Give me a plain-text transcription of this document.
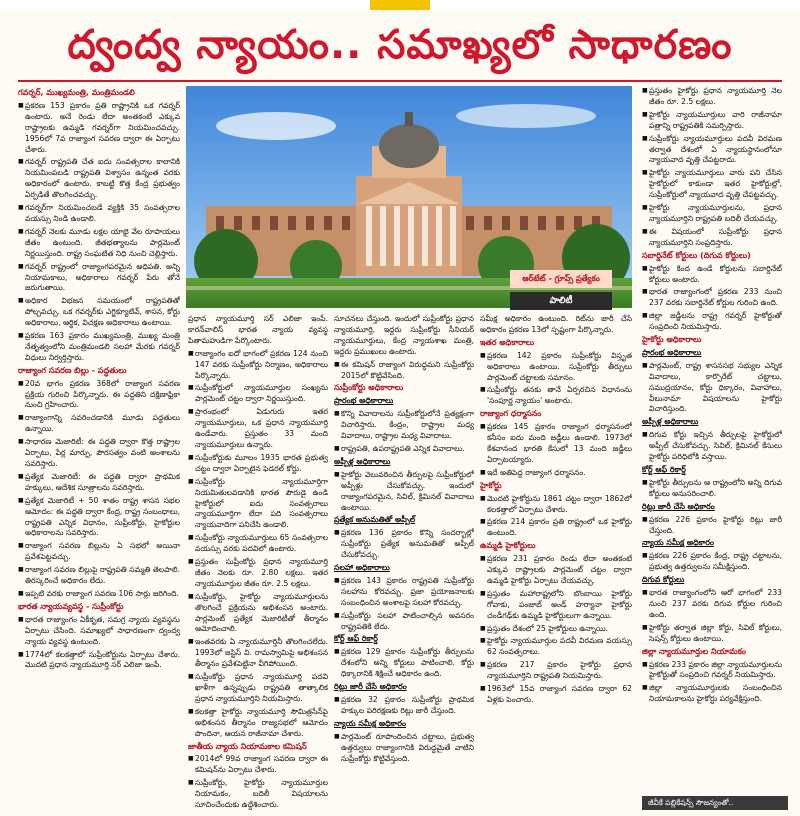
ద్వంద్వ న్యాయం.. సమాఖ్యలో సాధారణం
ఆర్‌టేట్ - గ్రూప్స్ ప్రత్యేకం
పాలిటీ
గవర్నర్, ముఖ్యమంత్రి, మంత్రిమండలి

■ ప్రకరణ 153 ప్రకారం ప్రతి రాష్ట్రానికి ఒక గవర్నర్ ఉంటారు. అనే రెండు లేదా అంతకంటే ఎక్కువ రాష్ట్రాలకు ఉమ్మడి గవర్నర్‌గా నియమించవచ్చు. 1956లో 7వ రాజ్యాంగ సవరణ ద్వారా ఈ ఏర్పాటు చేశారు.

■ గవర్నర్ రాష్ట్రపతి చేత ఐదు సంవత్సరాల కాలానికి నియమింపబడి రాష్ట్రపతి విశ్వాసం ఉన్నంత వరకు అధికారంలో ఉంటారు. కాబట్టి కొత్త కేంద్ర ప్రభుత్వం ఏర్పడితే తొలగించవచ్చు.

■ గవర్నర్‌గా నియమించబడే వ్యక్తికి 35 సంవత్సరాల వయస్సు నిండి ఉండాలి.

■ గవర్నర్ నెలకు మూడు లక్షల యాభై వేల రూపాయలు జీతం ఉంటుంది. జీతభత్యాలను పార్లమెంట్ నిర్ణయిస్తుంది. రాష్ట్ర సంఘటిత నిధి నుంచి చెల్లిస్తారు.

■ గవర్నర్ రాష్ట్రంలో రాజ్యాంగపరమైన అధిపతి. అన్ని నియామకాలు, అధికారాలు గవర్నర్ పేరు తోనే జరుగుతాయి.

■ అధికార విభజన సమయంలో రాష్ట్రపతితో పోల్చవచ్చు. ఒక గవర్నర్‌కు ఎగ్జిక్యూటివ్, శాసన, కోర్టు అధికారాలు, ఆర్థిక, విచక్షణ అధికారాలు ఉంటాయి.

■ ప్రకరణ 163 ప్రకారం ముఖ్యమంత్రి, ముఖ్య మంత్రి నేతృత్వంలోని మంత్రిమండలి సలహా మేరకు గవర్నర్ విధులు నిర్వర్తిస్తారు.

రాజ్యాంగ సవరణ బిల్లు - పద్ధతులు

■ 20వ భాగం ప్రకరణ 368లో రాజ్యాంగ సవరణ ప్రక్రియ గురించి పేర్కొన్నారు. ఈ పద్ధతిని దక్షిణాఫ్రికా నుంచి గ్రహించారు.

■ రాజ్యాంగాన్ని సవరించడానికి మూడు పద్ధతులు ఉన్నాయి.

■ సాధారణ మెజారిటీ: ఈ పద్ధతి ద్వారా కొత్త రాష్ట్రాల ఏర్పాటు, పేర్ల మార్పు, పౌరసత్వం వంటి అంశాలను సవరిస్తారు.

■ ప్రత్యేక మెజారిటీ: ఈ పద్ధతి ద్వారా ప్రాథమిక హక్కులు, ఆదేశిక సూత్రాలను సవరిస్తారు.

■ ప్రత్యేక మెజారిటీ + 50 శాతం రాష్ట్ర శాసన సభల ఆమోదం: ఈ పద్ధతి ద్వారా కేంద్ర, రాష్ట్ర సంబంధాలు, రాష్ట్రపతి ఎన్నిక విధానం, సుప్రీంకోర్టు, హైకోర్టుల అధికారాలను సవరిస్తారు.

■ రాజ్యాంగ సవరణ బిల్లును ఏ సభలో అయినా ప్రవేశపెట్టవచ్చు.

■ రాజ్యాంగ సవరణ బిల్లుపై రాష్ట్రపతి సమ్మతి తెలపాలి. తిరస్కరించే అధికారం లేదు.

■ ఇప్పటి వరకు రాజ్యాంగ సవరణ 106 సార్లు జరిగింది.

భారత న్యాయవ్యవస్థ - సుప్రీంకోర్టు

■ భారత రాజ్యాంగం ఏకీకృత, సమగ్ర న్యాయ వ్యవస్థను ఏర్పాటు చేసింది. సమాఖ్యలో సాధారణంగా ద్వంద్వ న్యాయ వ్యవస్థ ఉంటుంది.

■ 1774లో కలకత్తాలో సుప్రీంకోర్టును ఏర్పాటు చేశారు. మొదటి ప్రధాన న్యాయమూర్తి సర్ ఎలిజా ఇంపే.

ప్రధాన న్యాయమూర్తి సర్ ఎలిజా ఇంపే. కారన్‌వాలిస్ భారత న్యాయ వ్యవస్థ పితామహుడిగా పేర్కొంటారు.

■ రాజ్యాంగం ఐదో భాగంలో ప్రకరణ 124 నుంచి 147 వరకు సుప్రీంకోర్టు నిర్మాణం, అధికారాలు పేర్కొన్నారు.

■ సుప్రీంకోర్టులో న్యాయమూర్తుల సంఖ్యను పార్లమెంట్ చట్టం ద్వారా నిర్ణయిస్తుంది.

■ ప్రారంభంలో ఏడుగురు ఇతర న్యాయమూర్తులు, ఒక ప్రధాన న్యాయమూర్తి ఉండేవారు. ప్రస్తుతం 33 మంది న్యాయమూర్తులు ఉన్నారు.

■ సుప్రీంకోర్టుకు మూలం 1935 భారత ప్రభుత్వ చట్టం ద్వారా ఏర్పాటైన ఫెడరల్ కోర్టు.

■ సుప్రీంకోర్టు న్యాయమూర్తిగా నియమితులవడానికి భారత పౌరుడై ఉండి హైకోర్టులో ఐదు సంవత్సరాలు న్యాయమూర్తిగా లేదా పది సంవత్సరాలు న్యాయవాదిగా పనిచేసి ఉండాలి.

■ సుప్రీంకోర్టు న్యాయమూర్తులు 65 సంవత్సరాల వయస్సు వరకు పదవిలో ఉంటారు.

■ ప్రస్తుతం సుప్రీంకోర్టు ప్రధాన న్యాయమూర్తి జీతం నెలకు రూ. 2.80 లక్షలు. ఇతర న్యాయమూర్తుల జీతం రూ. 2.5 లక్షలు.

■ సుప్రీంకోర్టు, హైకోర్టు న్యాయమూర్తులను తొలగించే ప్రక్రియను అభిశంసన అంటారు. పార్లమెంట్ ప్రత్యేక మెజారిటీతో తీర్మానం ఆమోదించాలి.

■ ఇంతవరకు ఏ న్యాయమూర్తినీ తొలగించలేదు. 1993లో జస్టిస్ వి. రామస్వామిపై అభిశంసన తీర్మానం ప్రవేశపెట్టినా వీగిపోయింది.

■ సుప్రీంకోర్టు ప్రధాన న్యాయమూర్తి పదవి ఖాళీగా ఉన్నప్పుడు రాష్ట్రపతి తాత్కాలిక ప్రధాన న్యాయమూర్తిని నియమిస్తారు.

■ కలకత్తా హైకోర్టు న్యాయమూర్తి సౌమిత్రసేన్‌పై అభిశంసన తీర్మానం రాజ్యసభలో ఆమోదం పొందినా, ఆయన రాజీనామా చేశారు.

జాతీయ న్యాయ నియామకాల కమిషన్

■ 2014లో 99వ రాజ్యాంగ సవరణ ద్వారా ఈ కమిషన్‌ను ఏర్పాటు చేశారు.

■ సుప్రీంకోర్టు, హైకోర్టు న్యాయమూర్తుల నియామకం, బదిలీ విషయాలను సూచించేందుకు ఉద్దేశించారు.

సూచనలు చేస్తుంది. ఇందులో సుప్రీంకోర్టు ప్రధాన న్యాయమూర్తి, ఇద్దరు సుప్రీంకోర్టు సీనియర్ న్యాయమూర్తులు, కేంద్ర న్యాయశాఖ మంత్రి, ఇద్దరు ప్రముఖులు ఉంటారు.

■ ఈ కమిషన్ రాజ్యాంగ విరుద్ధమని సుప్రీంకోర్టు 2015లో కొట్టివేసింది.

సుప్రీంకోర్టు అధికారాలు
ప్రారంభ అధికారాలు

■ కొన్ని వివాదాలను సుప్రీంకోర్టులోనే ప్రత్యక్షంగా విచారిస్తారు. కేంద్రం, రాష్ట్రాల మధ్య వివాదాలు, రాష్ట్రాల మధ్య వివాదాలు.

■ రాష్ట్రపతి, ఉపరాష్ట్రపతి ఎన్నిక వివాదాలు.

అప్పీళ్ల అధికారాలు

■ హైకోర్టు వెలువరించిన తీర్పులపై సుప్రీంకోర్టులో అప్పీళ్లు చేసుకోవచ్చు. ఇందులో రాజ్యాంగపరమైన, సివిల్, క్రిమినల్ వివాదాలు ఉంటాయి.

ప్రత్యేక అనుమతితో అప్పీల్

■ ప్రకరణ 136 ప్రకారం కొన్ని సందర్భాల్లో సుప్రీంకోర్టు ప్రత్యేక అనుమతితో అప్పీల్ చేసుకోవచ్చు.

సలహా అధికారాలు

■ ప్రకరణ 143 ప్రకారం రాష్ట్రపతి సుప్రీంకోర్టు సలహాను కోరవచ్చు. ప్రజా ప్రయోజనాలకు సంబంధించిన అంశాలపై సలహా కోరవచ్చు.

■ సుప్రీంకోర్టు సలహా పాటించాల్సిన అవసరం రాష్ట్రపతికి లేదు.

కోర్ట్ ఆఫ్ రికార్డ్

■ ప్రకరణ 129 ప్రకారం సుప్రీంకోర్టు తీర్పులను దేశంలోని అన్ని కోర్టులు పాటించాలి. కోర్టు ధిక్కారానికి శిక్షించే అధికారం ఉంది.

రిట్లు జారీ చేసే అధికారం

■ ప్రకరణ 32 ప్రకారం సుప్రీంకోర్టు ప్రాథమిక హక్కుల పరిరక్షణకు రిట్లు జారీ చేస్తుంది.

న్యాయ సమీక్ష అధికారం

■ పార్లమెంట్ రూపొందించిన చట్టాలు, ప్రభుత్వ ఉత్తర్వులు రాజ్యాంగానికి విరుద్ధమైతే వాటిని సుప్రీంకోర్టు కొట్టివేస్తుంది.

సమీక్ష అధికారం ఉంటుంది. రిట్‌ను జారీ చేసే అధికారం ప్రకరణ 13లో స్పష్టంగా పేర్కొన్నారు.

ఇతర అధికారాలు

■ ప్రకరణ 142 ప్రకారం సుప్రీంకోర్టు విస్తృత అధికారాలు ఉంటాయి. సుప్రీంకోర్టు తీర్పులు పార్లమెంట్ చట్టాలకు సమానం.

■ సుప్రీంకోర్టు తనకు తానే ఏర్పరచిన విధానంను 'సంపూర్ణ న్యాయం' అంటారు.

రాజ్యాంగ ధర్మాసనం

■ ప్రకరణ 145 ప్రకారం రాజ్యాంగ ధర్మాసనంలో కనీసం ఐదు మంది జడ్జీలు ఉండాలి. 1973లో కేశవానంద భారతి కేసులో 13 మంది జడ్జీలు ఏర్పాటయ్యారు.

■ ఇదే అతిపెద్ద రాజ్యాంగ ధర్మాసనం.

హైకోర్టు

■ మొదటి హైకోర్టును 1861 చట్టం ద్వారా 1862లో కలకత్తాలో ఏర్పాటు చేశారు.

■ ప్రకరణ 214 ప్రకారం ప్రతి రాష్ట్రంలో ఒక హైకోర్టు ఉంటుంది.

ఉమ్మడి హైకోర్టులు

■ ప్రకరణ 231 ప్రకారం రెండు లేదా అంతకంటే ఎక్కువ రాష్ట్రాలకు పార్లమెంట్ చట్టం ద్వారా ఉమ్మడి హైకోర్టు ఏర్పాటు చేయవచ్చు.

■ ప్రస్తుతం మహారాష్ట్రలోని బొంబాయి హైకోర్టు గోవాకు, పంజాబ్ అండ్ హర్యానా హైకోర్టు చండీగఢ్‌కు ఉమ్మడి హైకోర్టులుగా ఉన్నాయి.

■ ప్రస్తుతం దేశంలో 25 హైకోర్టులు ఉన్నాయి.

■ హైకోర్టు న్యాయమూర్తుల పదవీ విరమణ వయస్సు 62 సంవత్సరాలు.

■ ప్రకరణ 217 ప్రకారం హైకోర్టు ప్రధాన న్యాయమూర్తిని రాష్ట్రపతి నియమిస్తారు.

■ 1963లో 15వ రాజ్యాంగ సవరణ ద్వారా 62 ఏళ్లకు పెంచారు.

■ ప్రస్తుతం హైకోర్టు ప్రధాన న్యాయమూర్తి నెల జీతం రూ. 2.5 లక్షలు.

■ హైకోర్టు న్యాయమూర్తులు వారి రాజీనామా పత్రాన్ని రాష్ట్రపతికి సమర్పిస్తారు.

■ సుప్రీంకోర్టు న్యాయమూర్తులు పదవీ విరమణ తర్వాత దేశంలో ఏ న్యాయస్థానంలోనూ న్యాయవాద వృత్తి చేపట్టరాదు.

■ హైకోర్టు న్యాయమూర్తులు వారు పని చేసిన హైకోర్టులో కాకుండా ఇతర హైకోర్టుల్లో, సుప్రీంకోర్టులో న్యాయవాద వృత్తి చేపట్టవచ్చు.

■ హైకోర్టు న్యాయమూర్తులను, ప్రధాన న్యాయమూర్తిని రాష్ట్రపతి బదిలీ చేయవచ్చు.

■ ఈ విషయంలో సుప్రీంకోర్టు ప్రధాన న్యాయమూర్తిని సంప్రదిస్తారు.

సబార్డినేట్ కోర్టులు (దిగువ కోర్టులు)

■ హైకోర్టు కింద ఉండే కోర్టులను సబార్డినేట్ కోర్టులు అంటారు.

■ భారత రాజ్యాంగంలో ప్రకరణ 233 నుంచి 237 వరకు సబార్డినేట్ కోర్టుల గురించి ఉంది.

■ జిల్లా జడ్జీలను రాష్ట్ర గవర్నర్ హైకోర్టుతో సంప్రదించి నియమిస్తారు.

హైకోర్టు అధికారాలు
ప్రారంభ అధికారాలు

■ పార్లమెంట్, రాష్ట్ర శాసనసభ సభ్యుల ఎన్నిక వివాదాలు, కార్పొరేట్ చట్టాలు, సముద్రయానం, కోర్టు ధిక్కారం, వివాహాలు, వీలునామా విషయాలను హైకోర్టు విచారిస్తుంది.

అప్పీళ్ల అధికారాలు

■ దిగువ కోర్టు ఇచ్చిన తీర్పులపై హైకోర్టులో అప్పీల్ చేసుకోవచ్చు. సివిల్, క్రిమినల్ కేసులు హైకోర్టు పరిధిలోకి వస్తాయి.

కోర్ట్ ఆఫ్ రికార్డ్

■ హైకోర్టు తీర్పులను ఆ రాష్ట్రంలోని అన్ని దిగువ కోర్టులు అనుసరించాలి.

రిట్లు జారీ చేసే అధికారం

■ ప్రకరణ 226 ప్రకారం హైకోర్టు రిట్లు జారీ చేస్తుంది.

న్యాయ సమీక్ష అధికారం

■ ప్రకరణ 226 ప్రకారం కేంద్ర, రాష్ట్ర చట్టాలను, ప్రభుత్వ ఉత్తర్వులను సమీక్షిస్తుంది.

దిగువ కోర్టులు

■ భారత రాజ్యాంగంలోని ఆరో భాగంలో 233 నుంచి 237 వరకు దిగువ కోర్టుల గురించి ఉంది.

■ హైకోర్టు తర్వాత జిల్లా కోర్టు, సివిల్ కోర్టులు, సెషన్స్ కోర్టులు ఉంటాయి.

జిల్లా న్యాయమూర్తుల నియామకం

■ ప్రకరణ 233 ప్రకారం జిల్లా న్యాయమూర్తులను హైకోర్టుతో సంప్రదించి గవర్నర్ నియమిస్తారు.

■ జిల్లా న్యాయమూర్తులకు సంబంధించిన నియామకాలను హైకోర్టు పర్యవేక్షిస్తుంది.

జీవీకే పబ్లికేషన్స్ సౌజన్యంతో..
